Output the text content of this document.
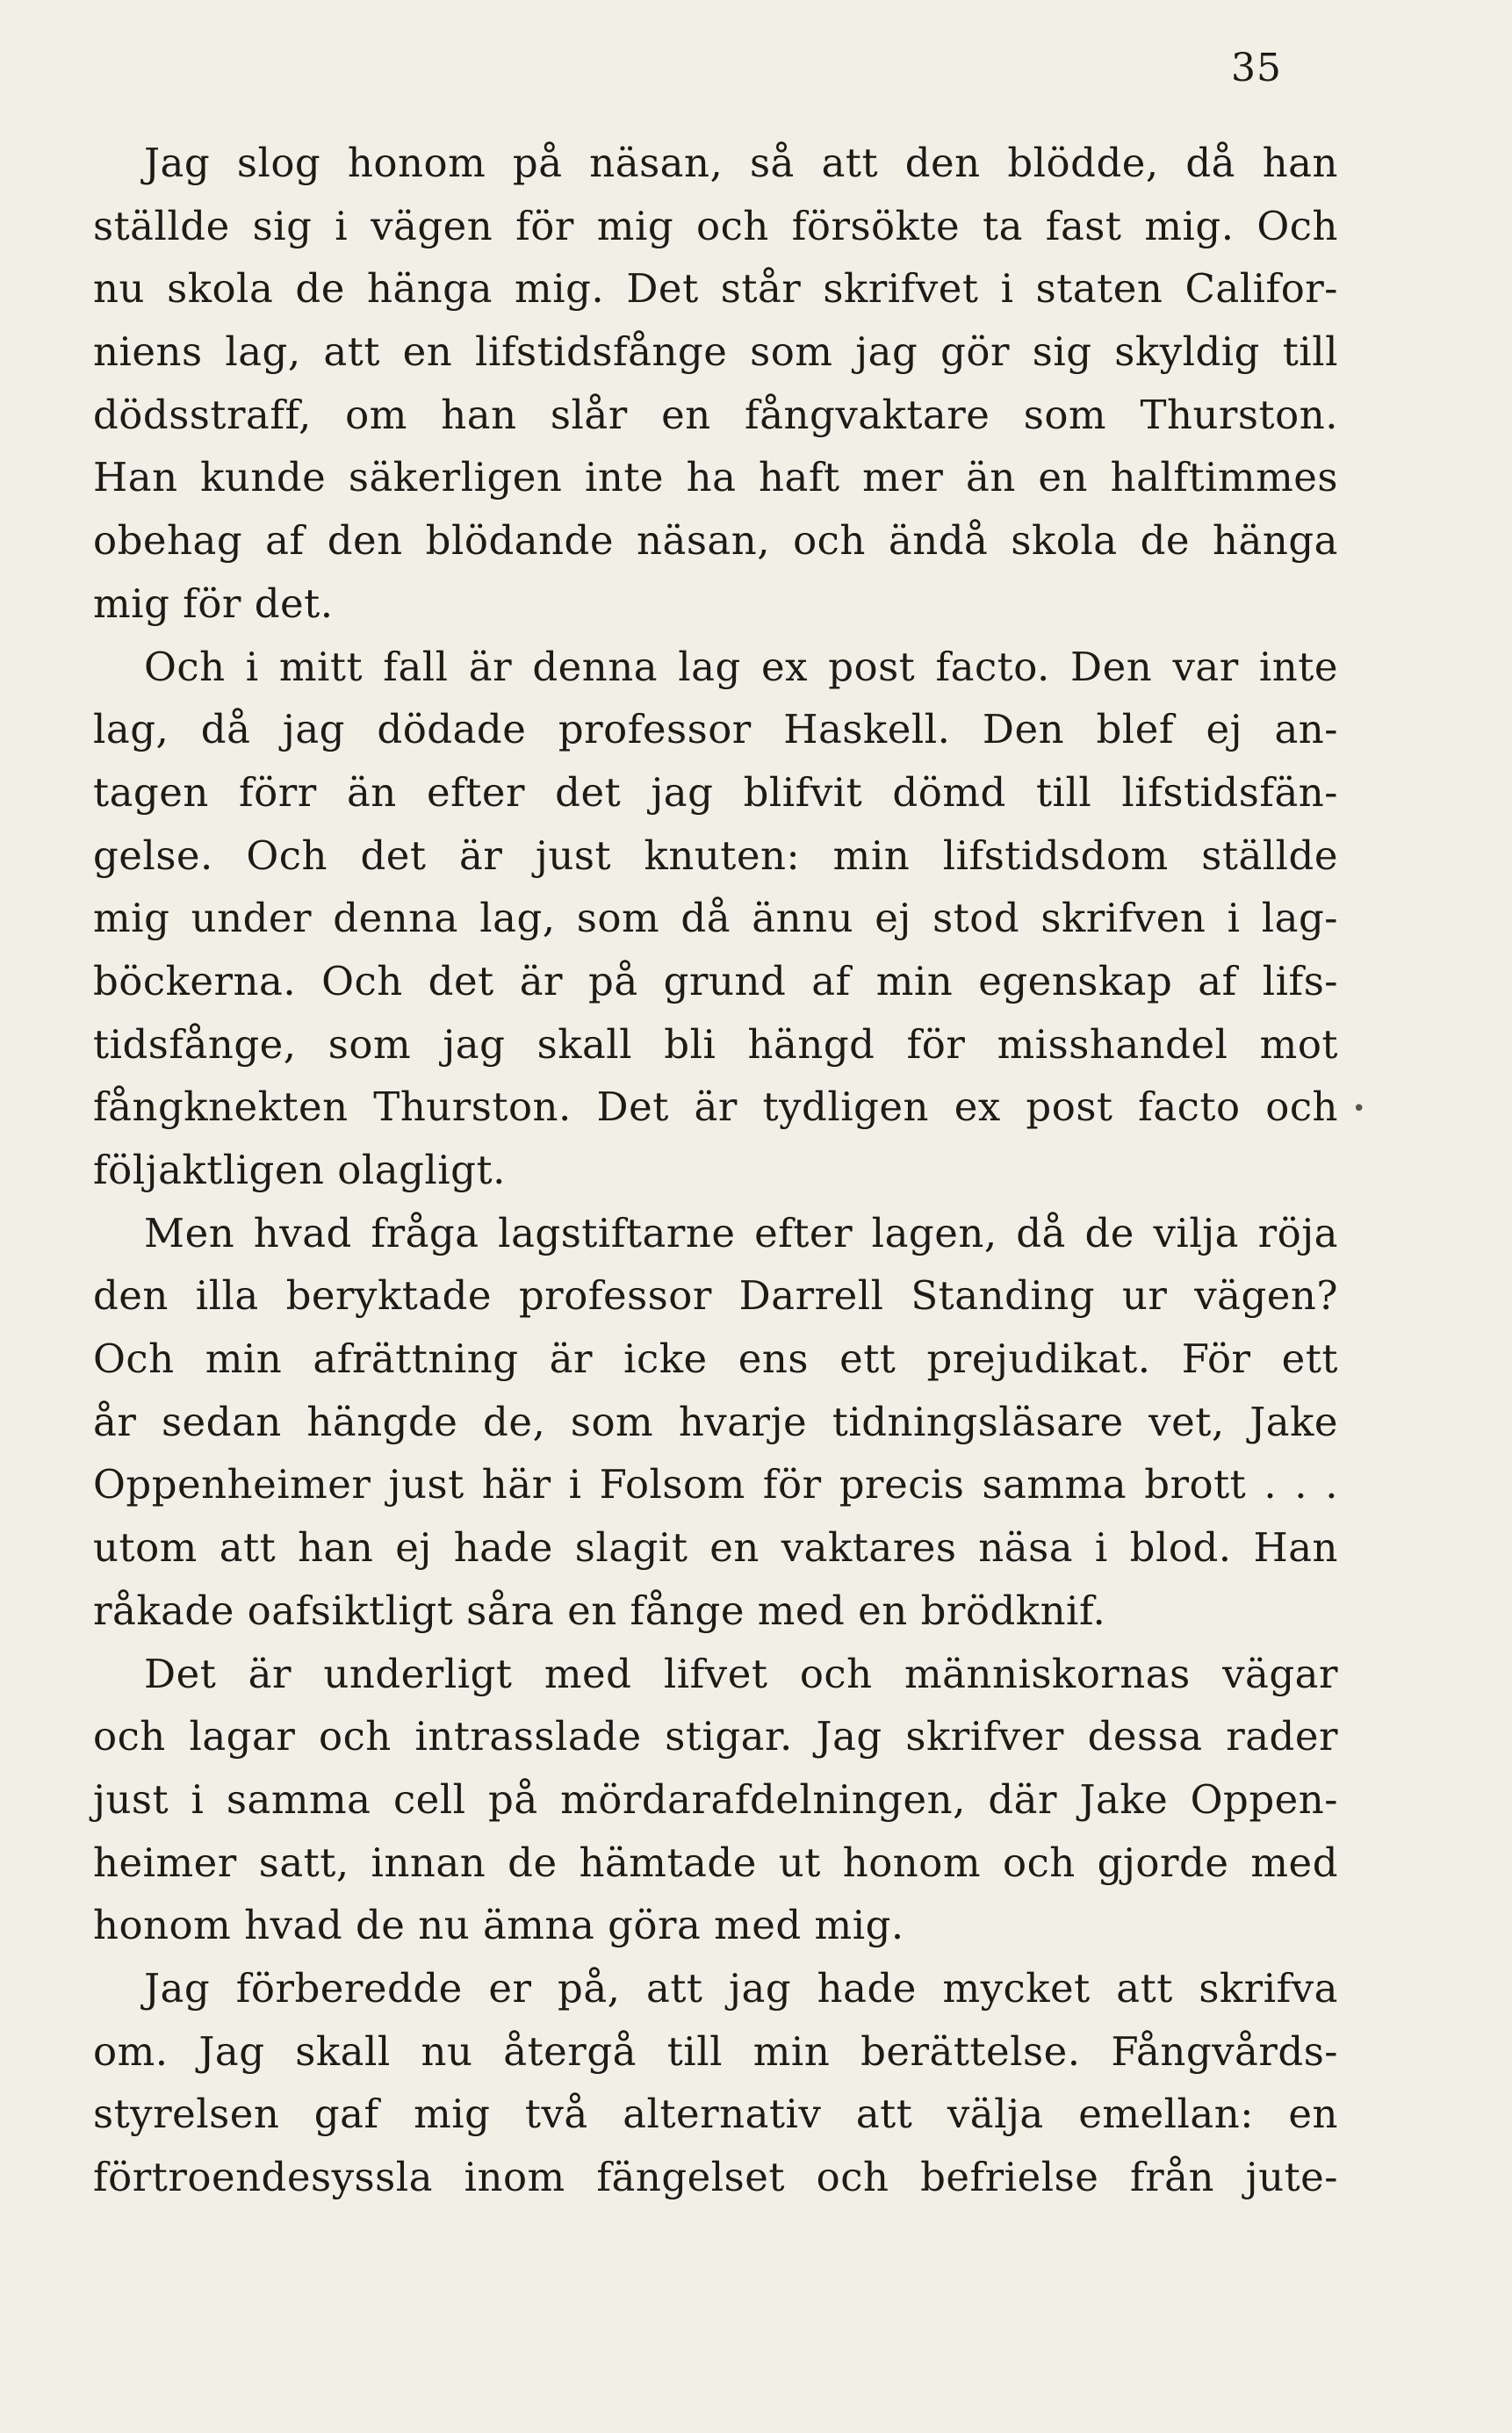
35
Jag slog honom på näsan, så att den blödde, då han
ställde sig i vägen för mig och försökte ta fast mig. Och
nu skola de hänga mig. Det står skrifvet i staten Califor-
niens lag, att en lifstidsfånge som jag gör sig skyldig till
dödsstraff, om han slår en fångvaktare som Thurston.
Han kunde säkerligen inte ha haft mer än en halftimmes
obehag af den blödande näsan, och ändå skola de hänga
mig för det.
Och i mitt fall är denna lag ex post facto. Den var inte
lag, då jag dödade professor Haskell. Den blef ej an-
tagen förr än efter det jag blifvit dömd till lifstidsfän-
gelse. Och det är just knuten: min lifstidsdom ställde
mig under denna lag, som då ännu ej stod skrifven i lag-
böckerna. Och det är på grund af min egenskap af lifs-
tidsfånge, som jag skall bli hängd för misshandel mot
fångknekten Thurston. Det är tydligen ex post facto och
följaktligen olagligt.
Men hvad fråga lagstiftarne efter lagen, då de vilja röja
den illa beryktade professor Darrell Standing ur vägen?
Och min afrättning är icke ens ett prejudikat. För ett
år sedan hängde de, som hvarje tidningsläsare vet, Jake
Oppenheimer just här i Folsom för precis samma brott . . .
utom att han ej hade slagit en vaktares näsa i blod. Han
råkade oafsiktligt såra en fånge med en brödknif.
Det är underligt med lifvet och människornas vägar
och lagar och intrasslade stigar. Jag skrifver dessa rader
just i samma cell på mördarafdelningen, där Jake Oppen-
heimer satt, innan de hämtade ut honom och gjorde med
honom hvad de nu ämna göra med mig.
Jag förberedde er på, att jag hade mycket att skrifva
om. Jag skall nu återgå till min berättelse. Fångvårds-
styrelsen gaf mig två alternativ att välja emellan: en
förtroendesyssla inom fängelset och befrielse från jute-
•
